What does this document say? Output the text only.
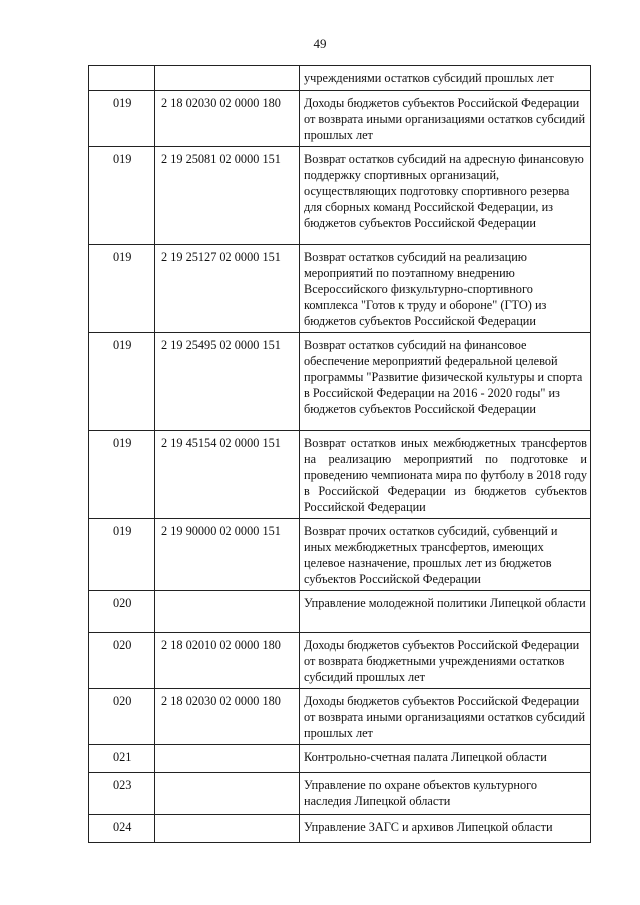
49
		учреждениями остатков субсидий прошлых лет
019	2 18 02030 02 0000 180	Доходы бюджетов субъектов Российской Федерации от возврата иными организациями остатков субсидий прошлых лет
019	2 19 25081 02 0000 151	Возврат остатков субсидий на адресную финансовую поддержку спортивных организаций, осуществляющих подготовку спортивного резерва для сборных команд Российской Федерации, из бюджетов субъектов Российской Федерации
019	2 19 25127 02 0000 151	Возврат остатков субсидий на реализацию мероприятий по поэтапному внедрению Всероссийского физкультурно-спортивного комплекса "Готов к труду и обороне" (ГТО) из бюджетов субъектов Российской Федерации
019	2 19 25495 02 0000 151	Возврат остатков субсидий на финансовое обеспечение мероприятий федеральной целевой программы "Развитие физической культуры и спорта в Российской Федерации на 2016 - 2020 годы" из бюджетов субъектов Российской Федерации
019	2 19 45154 02 0000 151	Возврат остатков иных межбюджетных трансфертов на реализацию мероприятий по подготовке и проведению чемпионата мира по футболу в 2018 году в Российской Федерации из бюджетов субъектов Российской Федерации
019	2 19 90000 02 0000 151	Возврат прочих остатков субсидий, субвенций и иных межбюджетных трансфертов, имеющих целевое назначение, прошлых лет из бюджетов субъектов Российской Федерации
020		Управление молодежной политики Липецкой области
020	2 18 02010 02 0000 180	Доходы бюджетов субъектов Российской Федерации от возврата бюджетными учреждениями остатков субсидий прошлых лет
020	2 18 02030 02 0000 180	Доходы бюджетов субъектов Российской Федерации от возврата иными организациями остатков субсидий прошлых лет
021		Контрольно-счетная палата Липецкой области
023		Управление по охране объектов культурного наследия Липецкой области
024		Управление ЗАГС и архивов Липецкой области
